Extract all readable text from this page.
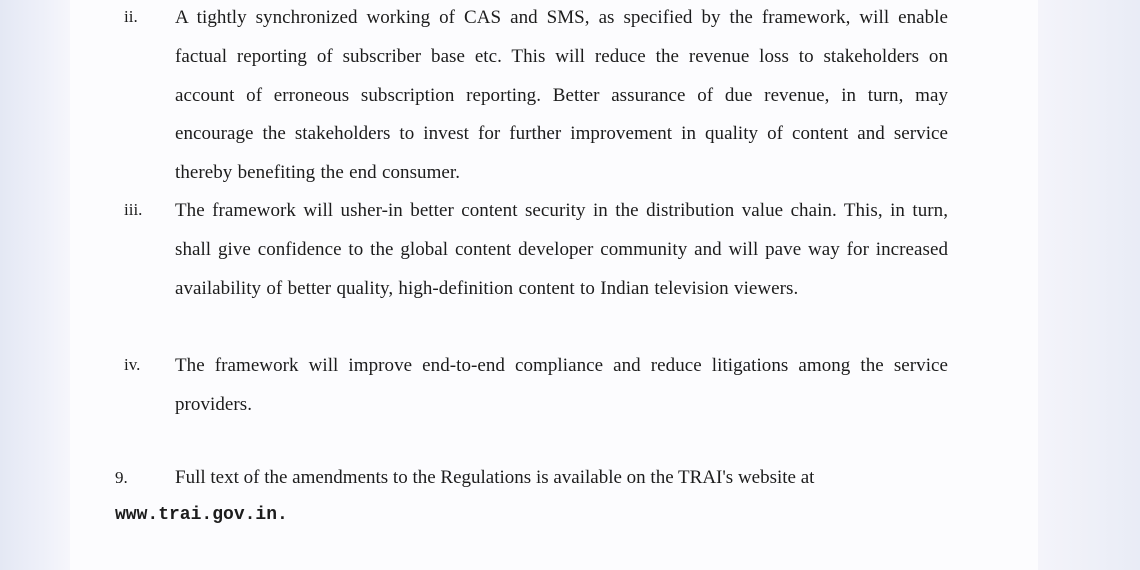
ii.	A tightly synchronized working of CAS and SMS, as specified by the framework, will enable factual reporting of subscriber base etc. This will reduce the revenue loss to stakeholders on account of erroneous subscription reporting. Better assurance of due revenue, in turn, may encourage the stakeholders to invest for further improvement in quality of content and service thereby benefiting the end consumer.
iii.	The framework will usher-in better content security in the distribution value chain. This, in turn, shall give confidence to the global content developer community and will pave way for increased availability of better quality, high-definition content to Indian television viewers.
iv.	The framework will improve end-to-end compliance and reduce litigations among the service providers.
9. Full text of the amendments to the Regulations is available on the TRAI's website at www.trai.gov.in.
